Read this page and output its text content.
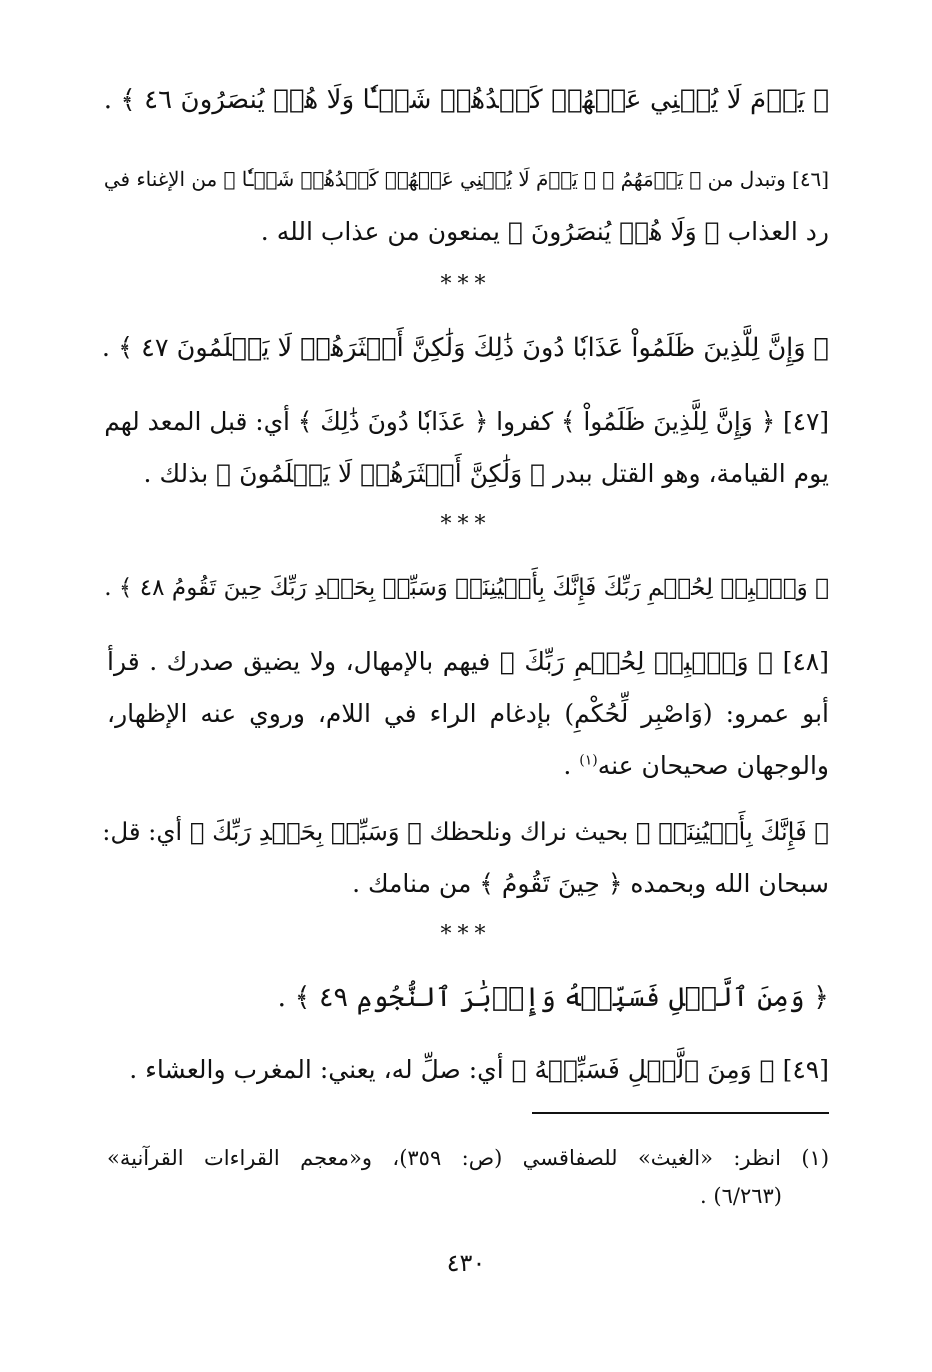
﴿ يَوۡمَ لَا يُغۡنِي عَنۡهُمۡ كَيۡدُهُمۡ شَيۡـٔٗا وَلَا هُمۡ يُنصَرُونَ ٤٦ ﴾ .
[٤٦] وتبدل من ﴿ يَوۡمَهُمُ ﴾ ﴿ يَوۡمَ لَا يُغۡنِي عَنۡهُمۡ كَيۡدُهُمۡ شَيۡـٔٗا ﴾ من الإغناء في
رد العذاب ﴿ وَلَا هُمۡ يُنصَرُونَ ﴾ يمنعون من عذاب الله .
***
﴿ وَإِنَّ لِلَّذِينَ ظَلَمُواْ عَذَابٗا دُونَ ذَٰلِكَ وَلَٰكِنَّ أَكۡثَرَهُمۡ لَا يَعۡلَمُونَ ٤٧ ﴾ .
[٤٧] ﴿ وَإِنَّ لِلَّذِينَ ظَلَمُواْ ﴾ كفروا ﴿ عَذَابٗا دُونَ ذَٰلِكَ ﴾ أي: قبل المعد لهم
يوم القيامة، وهو القتل ببدر ﴿ وَلَٰكِنَّ أَكۡثَرَهُمۡ لَا يَعۡلَمُونَ ﴾ بذلك .
***
﴿ وَٱصۡبِرۡ لِحُكۡمِ رَبِّكَ فَإِنَّكَ بِأَعۡيُنِنَاۖ وَسَبِّحۡ بِحَمۡدِ رَبِّكَ حِينَ تَقُومُ ٤٨ ﴾ .
[٤٨] ﴿ وَٱصۡبِرۡ لِحُكۡمِ رَبِّكَ ﴾ فيهم بالإمهال، ولا يضيق صدرك . قرأ
أبو عمرو: (وَاصْبِر لِّحُكْمِ) بإدغام الراء في اللام، وروي عنه الإظهار،
والوجهان صحيحان عنه$^{(١)}$ .
﴿ فَإِنَّكَ بِأَعۡيُنِنَاۖ ﴾ بحيث نراك ونلحظك ﴿ وَسَبِّحۡ بِحَمۡدِ رَبِّكَ ﴾ أي: قل:
سبحان الله وبحمده ﴿ حِينَ تَقُومُ ﴾ من منامك .
***
﴿ وَمِنَ ٱلَّيۡلِ فَسَبِّحۡهُ وَإِدۡبَٰرَ ٱلنُّجُومِ ٤٩ ﴾ .
[٤٩] ﴿ وَمِنَ ٱلَّيۡلِ فَسَبِّحۡهُ ﴾ أي: صلِّ له، يعني: المغرب والعشاء .
(١) انظر: «الغيث» للصفاقسي (ص: ٣٥٩)، و«معجم القراءات القرآنية»
(٦/٢٦٣) .
٤٣٠
